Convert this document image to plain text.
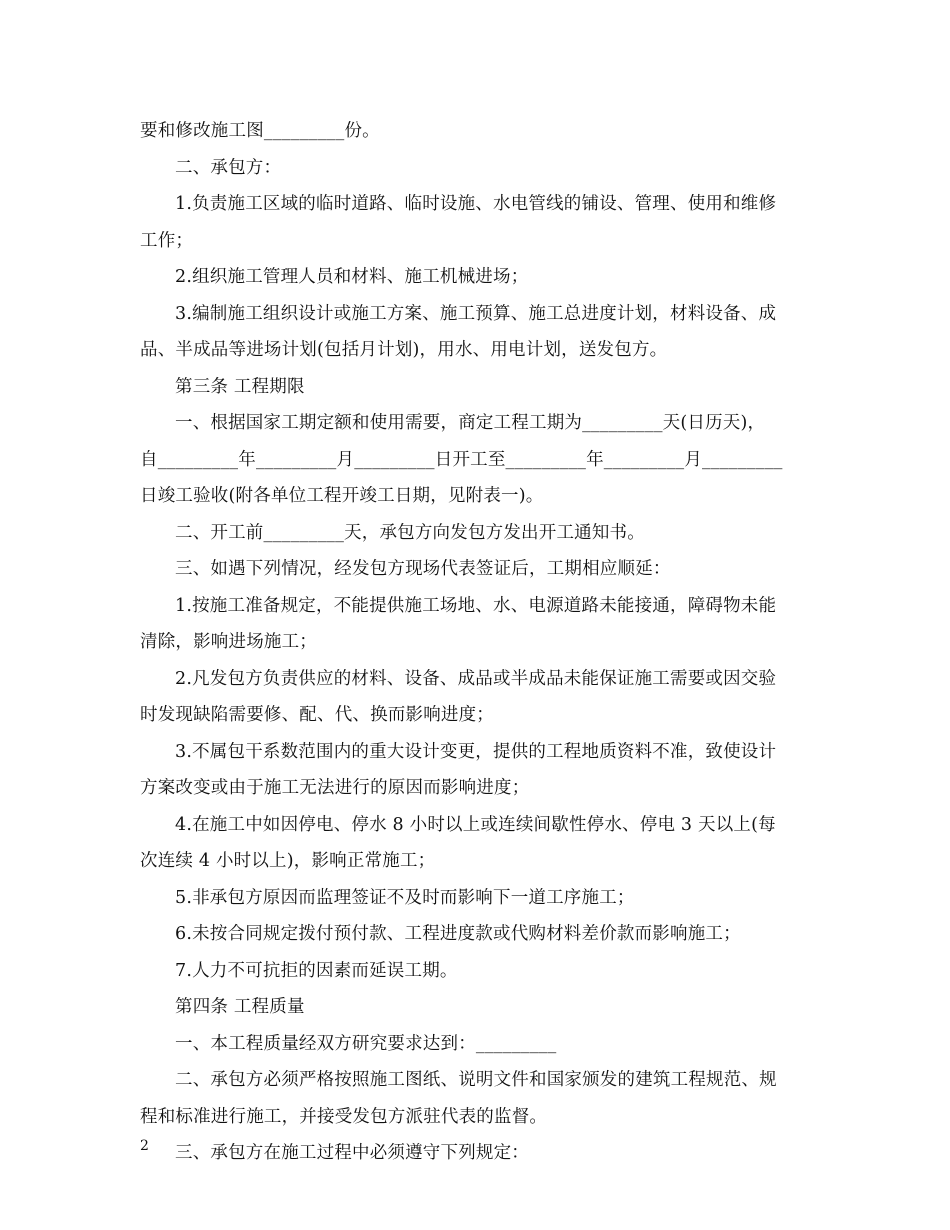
要和修改施工图_________份。

二、承包方：

1.负责施工区域的临时道路、临时设施、水电管线的铺设、管理、使用和维修

工作；

2.组织施工管理人员和材料、施工机械进场；

3.编制施工组织设计或施工方案、施工预算、施工总进度计划，材料设备、成

品、半成品等进场计划(包括月计划)，用水、用电计划，送发包方。

第三条 工程期限

一、根据国家工期定额和使用需要，商定工程工期为_________天(日历天)，

自_________年_________月_________日开工至_________年_________月_________

日竣工验收(附各单位工程开竣工日期，见附表一)。

二、开工前_________天，承包方向发包方发出开工通知书。

三、如遇下列情况，经发包方现场代表签证后，工期相应顺延：

1.按施工准备规定，不能提供施工场地、水、电源道路未能接通，障碍物未能

清除，影响进场施工；

2.凡发包方负责供应的材料、设备、成品或半成品未能保证施工需要或因交验

时发现缺陷需要修、配、代、换而影响进度；

3.不属包干系数范围内的重大设计变更，提供的工程地质资料不准，致使设计

方案改变或由于施工无法进行的原因而影响进度；

4.在施工中如因停电、停水 8 小时以上或连续间歇性停水、停电 3 天以上(每

次连续 4 小时以上)，影响正常施工；

5.非承包方原因而监理签证不及时而影响下一道工序施工；

6.未按合同规定拨付预付款、工程进度款或代购材料差价款而影响施工；

7.人力不可抗拒的因素而延误工期。

第四条 工程质量

一、本工程质量经双方研究要求达到：_________

二、承包方必须严格按照施工图纸、说明文件和国家颁发的建筑工程规范、规

程和标准进行施工，并接受发包方派驻代表的监督。

三、承包方在施工过程中必须遵守下列规定：

2
